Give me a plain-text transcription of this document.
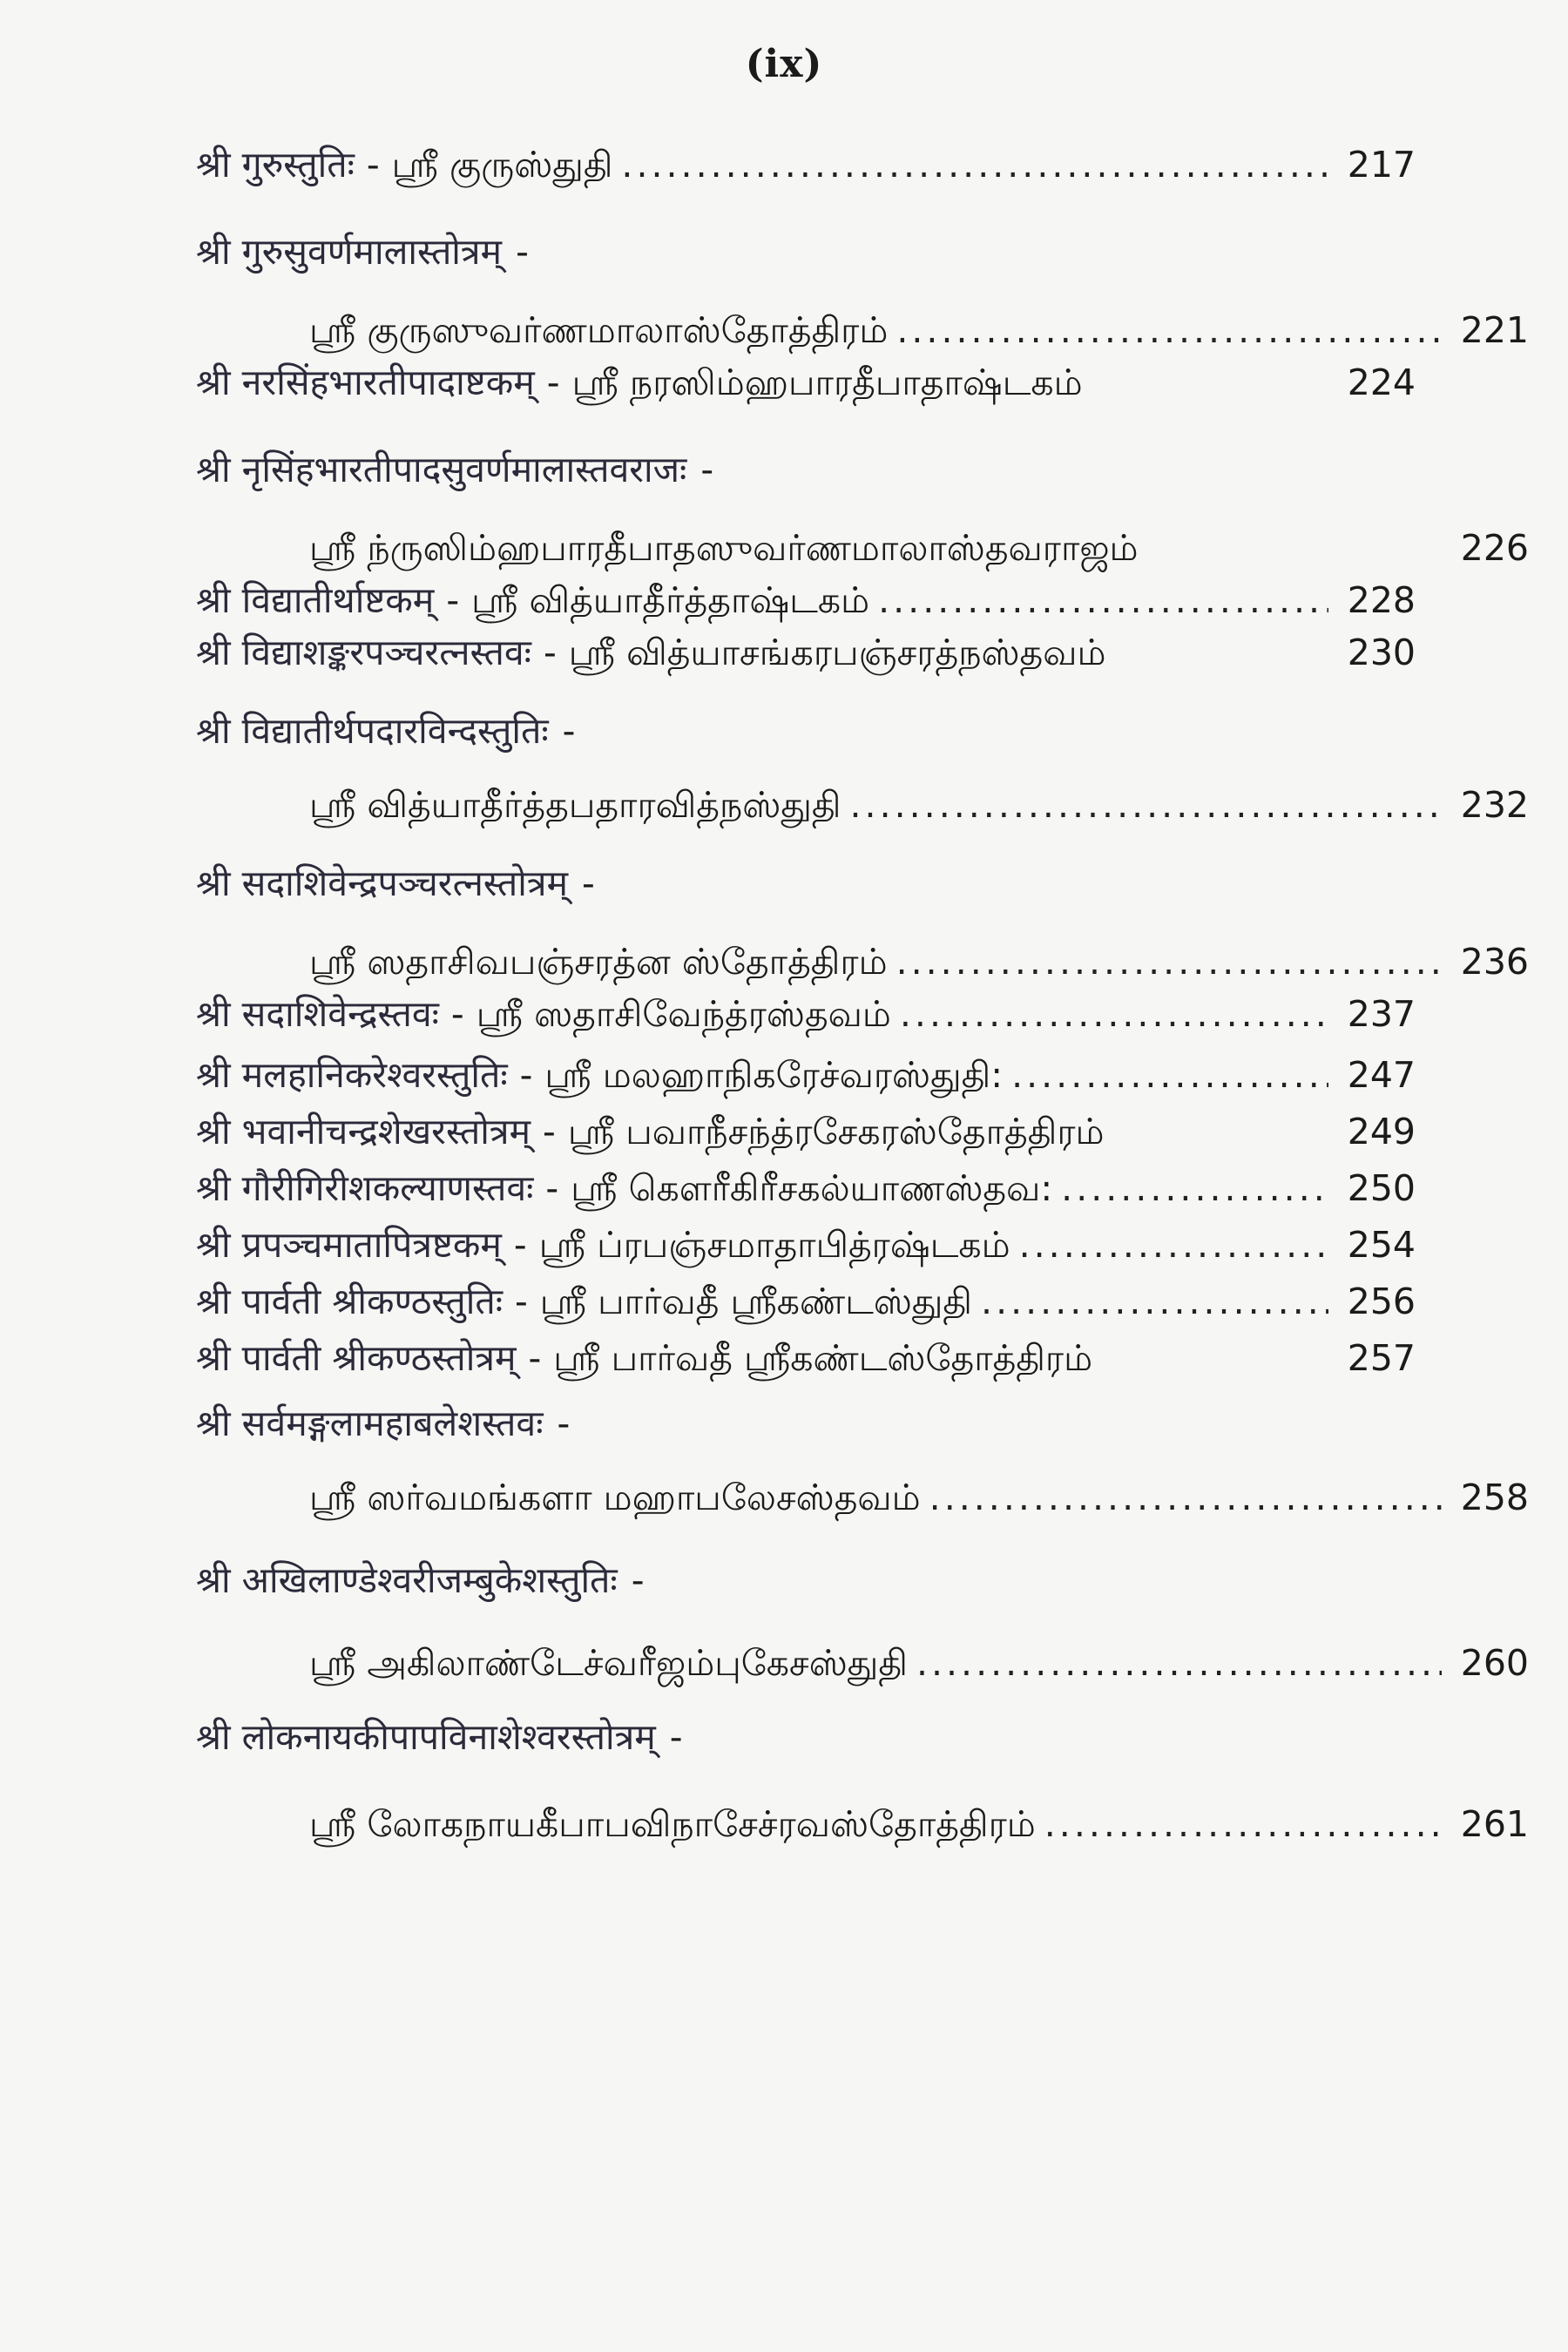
(ix)
श्री गुरुस्तुतिः - ஸ்ரீ குருஸ்துதி .....	217
श्री गुरुसुवर्णमालास्तोत्रम् -
ஸ்ரீ குருஸுவர்ணமாலாஸ்தோத்திரம் .....	221
श्री नरसिंहभारतीपादाष्टकम् - ஸ்ரீ நரஸிம்ஹபாரதீபாதாஷ்டகம்	224
श्री नृसिंहभारतीपादसुवर्णमालास्तवराजः -
ஸ்ரீ ந்ருஸிம்ஹபாரதீபாதஸுவர்ணமாலாஸ்தவராஜம்	226
श्री विद्यातीर्थाष्टकम् - ஸ்ரீ வித்யாதீர்த்தாஷ்டகம் .....	228
श्री विद्याशङ्करपञ्चरत्नस्तवः - ஸ்ரீ வித்யாசங்கரபஞ்சரத்நஸ்தவம்	230
श्री विद्यातीर्थपदारविन्दस्तुतिः -
ஸ்ரீ வித்யாதீர்த்தபதாரவித்நஸ்துதி .....	232
श्री सदाशिवेन्द्रपञ्चरत्नस्तोत्रम् -
ஸ்ரீ ஸதாசிவபஞ்சரத்ன ஸ்தோத்திரம் .....	236
श्री सदाशिवेन्द्रस्तवः - ஸ்ரீ ஸதாசிவேந்த்ரஸ்தவம் .....	237
श्री मलहानिकरेश्वरस्तुतिः - ஸ்ரீ மலஹாநிகரேச்வரஸ்துதி: .....	247
श्री भवानीचन्द्रशेखरस्तोत्रम् - ஸ்ரீ பவாநீசந்த்ரசேகரஸ்தோத்திரம்	249
श्री गौरीगिरीशकल्याणस्तवः - ஸ்ரீ கௌரீகிரீசகல்யாணஸ்தவ: .....	250
श्री प्रपञ्चमातापित्रष्टकम् - ஸ்ரீ ப்ரபஞ்சமாதாபித்ரஷ்டகம் .....	254
श्री पार्वती श्रीकण्ठस्तुतिः - ஸ்ரீ பார்வதீ ஸ்ரீகண்டஸ்துதி .....	256
श्री पार्वती श्रीकण्ठस्तोत्रम् - ஸ்ரீ பார்வதீ ஸ்ரீகண்டஸ்தோத்திரம்	257
श्री सर्वमङ्गलामहाबलेशस्तवः -
ஸ்ரீ ஸர்வமங்களா மஹாபலேசஸ்தவம் .....	258
श्री अखिलाण्डेश्वरीजम्बुकेशस्तुतिः -
ஸ்ரீ அகிலாண்டேச்வரீஜம்புகேசஸ்துதி .....	260
श्री लोकनायकीपापविनाशेश्वरस्तोत्रम् -
ஸ்ரீ லோகநாயகீபாபவிநாசேச்ரவஸ்தோத்திரம் .....	261
